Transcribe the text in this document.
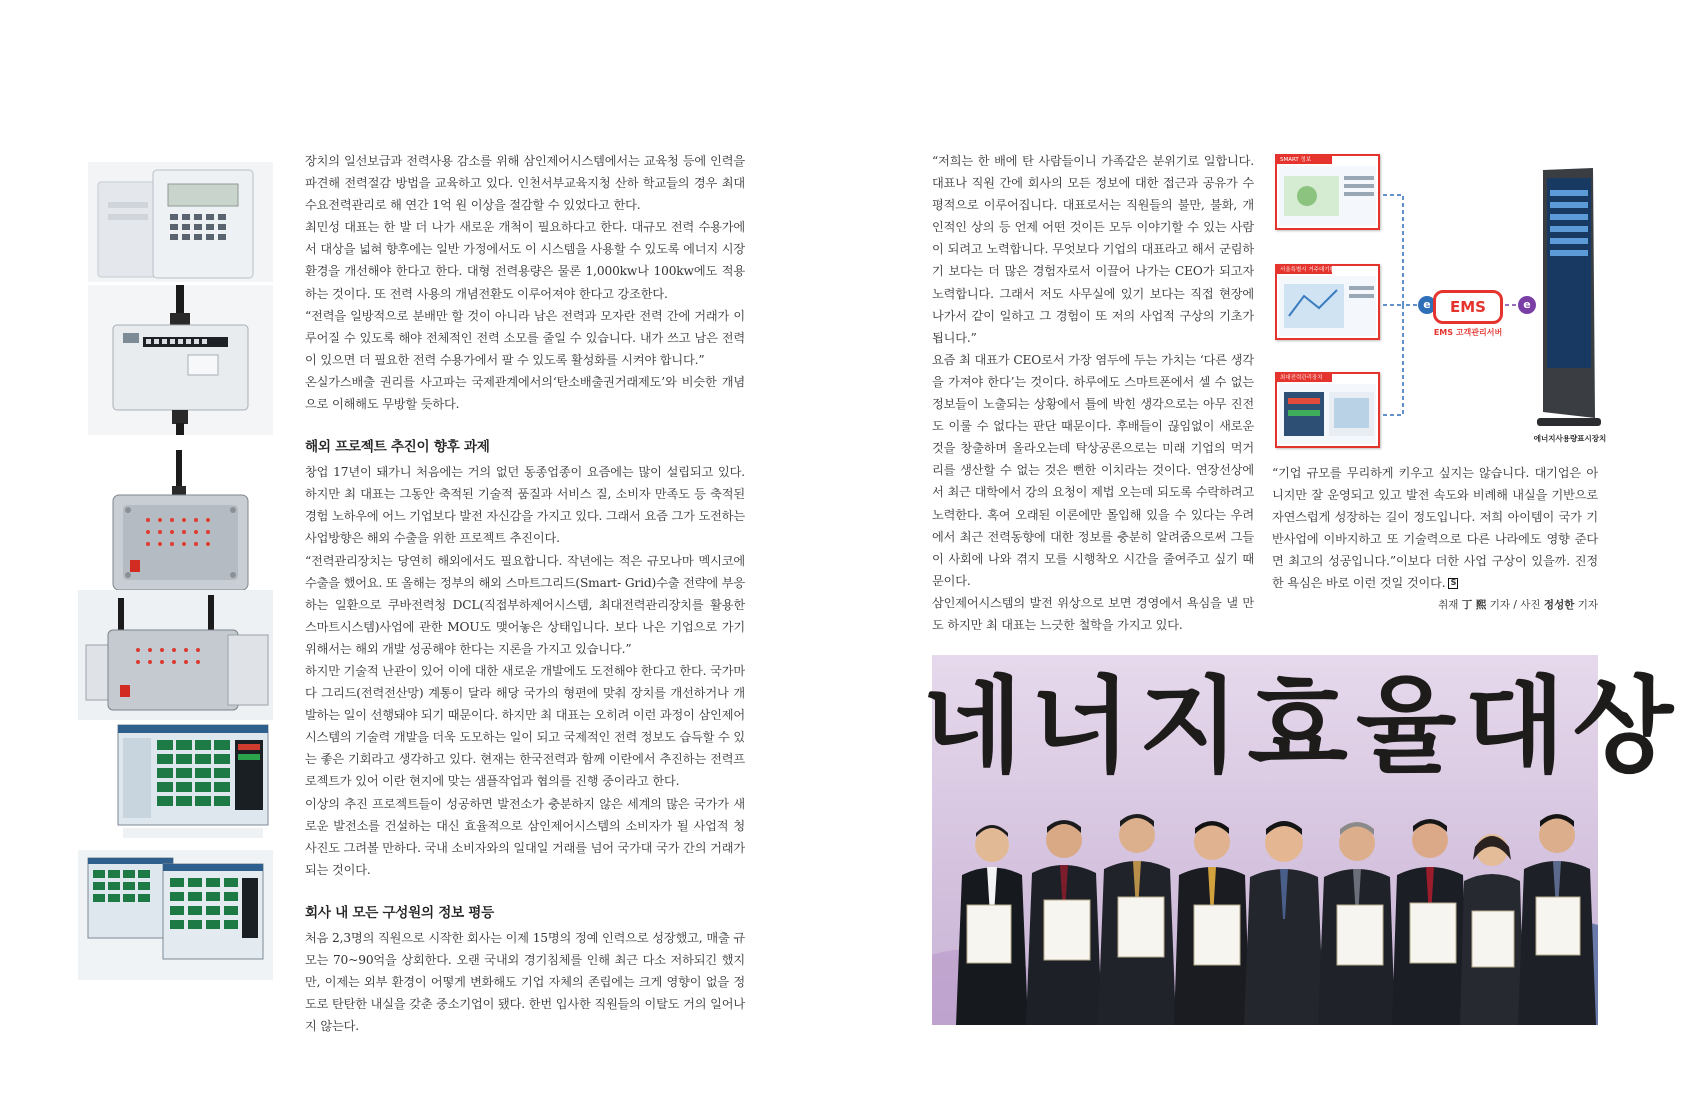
장치의 일선보급과 전력사용 감소를 위해 삼인제어시스템에서는 교육청 등에 인력을 파견해 전력절감 방법을 교육하고 있다. 인천서부교육지청 산하 학교들의 경우 최대수요전력관리로 해 연간 1억 원 이상을 절감할 수 있었다고 한다.

최민성 대표는 한 발 더 나가 새로운 개척이 필요하다고 한다. 대규모 전력 수용가에서 대상을 넓혀 향후에는 일반 가정에서도 이 시스템을 사용할 수 있도록 에너지 시장 환경을 개선해야 한다고 한다. 대형 전력용량은 물론 1,000kw나 100kw에도 적용하는 것이다. 또 전력 사용의 개념전환도 이루어져야 한다고 강조한다.

“전력을 일방적으로 분배만 할 것이 아니라 남은 전력과 모자란 전력 간에 거래가 이루어질 수 있도록 해야 전체적인 전력 소모를 줄일 수 있습니다. 내가 쓰고 남은 전력이 있으면 더 필요한 전력 수용가에서 팔 수 있도록 활성화를 시켜야 합니다.”

온실가스배출 권리를 사고파는 국제관계에서의‘탄소배출권거래제도’와 비슷한 개념으로 이해해도 무방할 듯하다.

해외 프로젝트 추진이 향후 과제

창업 17년이 돼가니 처음에는 거의 없던 동종업종이 요즘에는 많이 설립되고 있다. 하지만 최 대표는 그동안 축적된 기술적 품질과 서비스 질, 소비자 만족도 등 축적된 경험 노하우에 어느 기업보다 발전 자신감을 가지고 있다. 그래서 요즘 그가 도전하는 사업방향은 해외 수출을 위한 프로젝트 추진이다.

“전력관리장치는 당연히 해외에서도 필요합니다. 작년에는 적은 규모나마 멕시코에 수출을 했어요. 또 올해는 정부의 해외 스마트그리드(Smart- Grid)수출 전략에 부응하는 일환으로 쿠바전력청 DCL(직접부하제어시스템, 최대전력관리장치를 활용한 스마트시스템)사업에 관한 MOU도 맺어놓은 상태입니다. 보다 나은 기업으로 가기 위해서는 해외 개발 성공해야 한다는 지론을 가지고 있습니다.”

하지만 기술적 난관이 있어 이에 대한 새로운 개발에도 도전해야 한다고 한다. 국가마다 그리드(전력전산망) 계통이 달라 해당 국가의 형편에 맞춰 장치를 개선하거나 개발하는 일이 선행돼야 되기 때문이다. 하지만 최 대표는 오히려 이런 과정이 삼인제어시스템의 기술력 개발을 더욱 도모하는 일이 되고 국제적인 전력 정보도 습득할 수 있는 좋은 기회라고 생각하고 있다. 현재는 한국전력과 함께 이란에서 추진하는 전력프로젝트가 있어 이란 현지에 맞는 샘플작업과 협의를 진행 중이라고 한다.

이상의 추진 프로젝트들이 성공하면 발전소가 충분하지 않은 세계의 많은 국가가 새로운 발전소를 건설하는 대신 효율적으로 삼인제어시스템의 소비자가 될 사업적 청사진도 그려볼 만하다. 국내 소비자와의 일대일 거래를 넘어 국가대 국가 간의 거래가 되는 것이다.

회사 내 모든 구성원의 정보 평등

처음 2,3명의 직원으로 시작한 회사는 이제 15명의 정예 인력으로 성장했고, 매출 규모는 70~90억을 상회한다. 오랜 국내외 경기침체를 인해 최근 다소 저하되긴 했지만, 이제는 외부 환경이 어떻게 변화해도 기업 자체의 존립에는 크게 영향이 없을 정도로 탄탄한 내실을 갖춘 중소기업이 됐다. 한번 입사한 직원들의 이탈도 거의 일어나지 않는다.

“저희는 한 배에 탄 사람들이니 가족같은 분위기로 일합니다. 대표나 직원 간에 회사의 모든 정보에 대한 접근과 공유가 수평적으로 이루어집니다. 대표로서는 직원들의 불만, 불화, 개인적인 상의 등 언제 어떤 것이든 모두 이야기할 수 있는 사람이 되려고 노력합니다. 무엇보다 기업의 대표라고 해서 군림하기 보다는 더 많은 경험자로서 이끌어 나가는 CEO가 되고자 노력합니다. 그래서 저도 사무실에 있기 보다는 직접 현장에 나가서 같이 일하고 그 경험이 또 저의 사업적 구상의 기초가 됩니다.”

요즘 최 대표가 CEO로서 가장 염두에 두는 가치는 ‘다른 생각을 가져야 한다’는 것이다. 하루에도 스마트폰에서 셀 수 없는 정보들이 노출되는 상황에서 틀에 박힌 생각으로는 아무 진전도 이룰 수 없다는 판단 때문이다. 후배들이 끊임없이 새로운 것을 창출하며 올라오는데 탁상공론으로는 미래 기업의 먹거리를 생산할 수 없는 것은 뻔한 이치라는 것이다. 연장선상에서 최근 대학에서 강의 요청이 제법 오는데 되도록 수락하려고 노력한다. 혹여 오래된 이론에만 몰입해 있을 수 있다는 우려에서 최근 전력동향에 대한 정보를 충분히 알려줌으로써 그들이 사회에 나와 겪지 모를 시행착오 시간을 줄여주고 싶기 때문이다.

삼인제어시스템의 발전 위상으로 보면 경영에서 욕심을 낼 만도 하지만 최 대표는 느긋한 철학을 가지고 있다.

SMART 정보
서울특별시 거주대기환경정보
최대전력관리장치
e	e
EMS
EMS 고객관리서버
에너지사용량표시장치

“기업 규모를 무리하게 키우고 싶지는 않습니다. 대기업은 아니지만 잘 운영되고 있고 발전 속도와 비례해 내실을 기반으로 자연스럽게 성장하는 길이 정도입니다. 저희 아이템이 국가 기반사업에 이바지하고 또 기술력으로 다른 나라에도 영향 준다면 최고의 성공입니다.”이보다 더한 사업 구상이 있을까. 진정한 욕심은 바로 이런 것일 것이다. S

취재 丁 熙 기자 / 사진 정성한 기자
네너지효율대상
